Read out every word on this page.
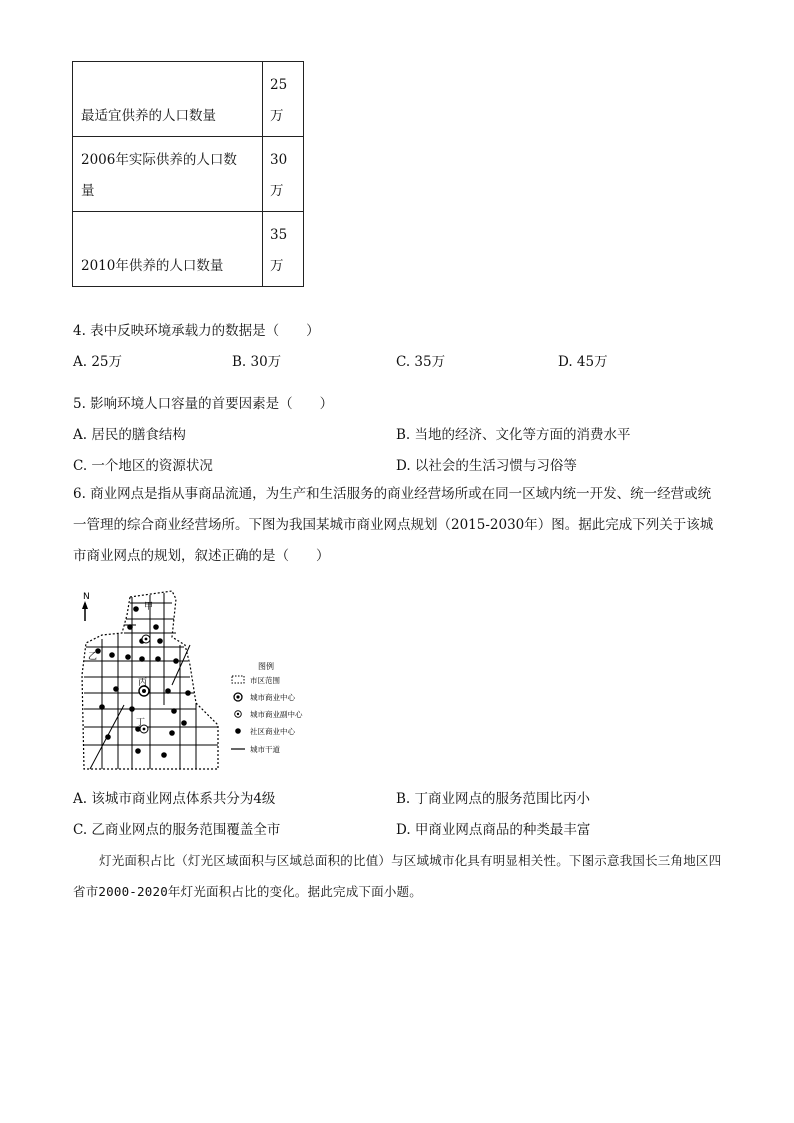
最适宜供养的人口数量	25万

2006年实际供养的人口数量	30万

2010年供养的人口数量	35万
4. 表中反映环境承载力的数据是（　　）
A. 25万	B. 30万	C. 35万	D. 45万
5. 影响环境人口容量的首要因素是（　　）
A. 居民的膳食结构	B. 当地的经济、文化等方面的消费水平
C. 一个地区的资源状况	D. 以社会的生活习惯与习俗等
6. 商业网点是指从事商品流通，为生产和生活服务的商业经营场所或在同一区域内统一开发、统一经营或统一管理的综合商业经营场所。下图为我国某城市商业网点规划（2015-2030年）图。据此完成下列关于该城市商业网点的规划，叙述正确的是（　　）
N
甲
乙
丙
丁
图例
市区范围
城市商业中心
城市商业副中心
社区商业中心
城市干道
A. 该城市商业网点体系共分为4级	B. 丁商业网点的服务范围比丙小
C. 乙商业网点的服务范围覆盖全市	D. 甲商业网点商品的种类最丰富
灯光面积占比（灯光区域面积与区域总面积的比值）与区域城市化具有明显相关性。下图示意我国长三角地区四省市2000-2020年灯光面积占比的变化。据此完成下面小题。
